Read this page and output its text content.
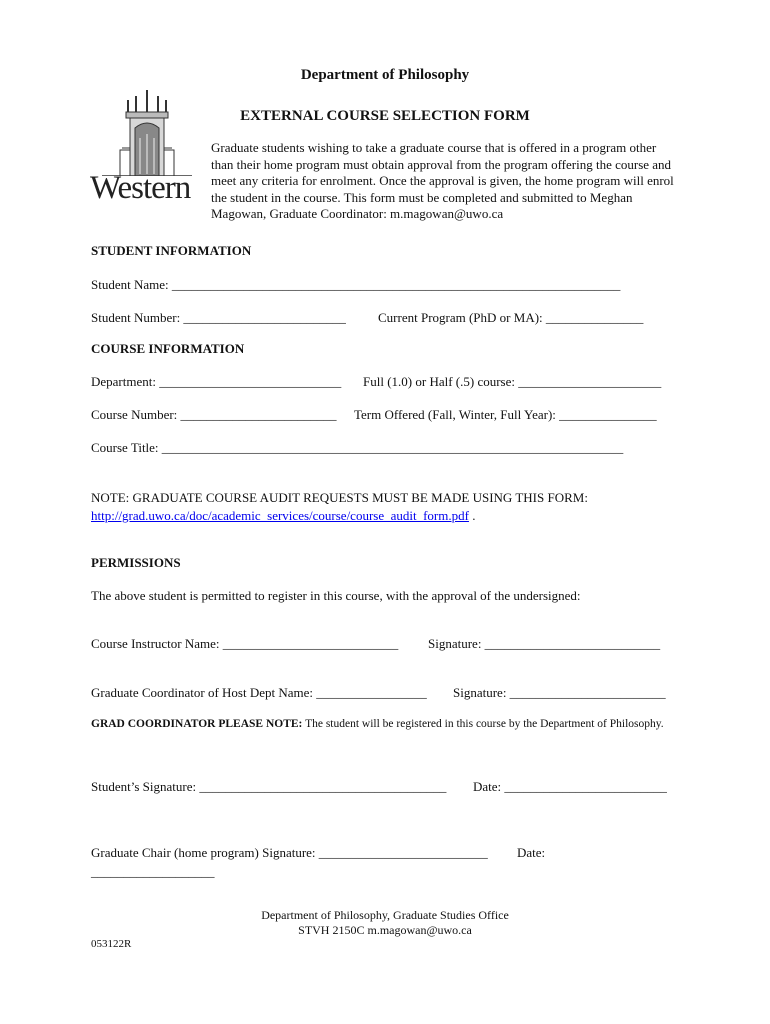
Department of Philosophy
EXTERNAL COURSE SELECTION FORM
Western
Graduate students wishing to take a graduate course that is offered in a program other than their home program must obtain approval from the program offering the course and meet any criteria for enrolment. Once the approval is given, the home program will enrol the student in the course. This form must be completed and submitted to Meghan Magowan, Graduate Coordinator: m.magowan@uwo.ca
STUDENT INFORMATION
Student Name: _____________________________________________________________________
Student Number: _________________________ Current Program (PhD or MA): _______________
COURSE INFORMATION
Department: ____________________________ Full (1.0) or Half (.5) course: ______________________
Course Number: ________________________ Term Offered (Fall, Winter, Full Year): _______________
Course Title: _______________________________________________________________________
NOTE: GRADUATE COURSE AUDIT REQUESTS MUST BE MADE USING THIS FORM:
http://grad.uwo.ca/doc/academic_services/course/course_audit_form.pdf .
PERMISSIONS
The above student is permitted to register in this course, with the approval of the undersigned:
Course Instructor Name: ___________________________ Signature: ___________________________
Graduate Coordinator of Host Dept Name: _________________ Signature: ________________________
GRAD COORDINATOR PLEASE NOTE: The student will be registered in this course by the Department of Philosophy.
Student’s Signature: ______________________________________ Date: _________________________
Graduate Chair (home program) Signature: __________________________ Date:
___________________
Department of Philosophy, Graduate Studies Office
STVH 2150C m.magowan@uwo.ca
053122R
